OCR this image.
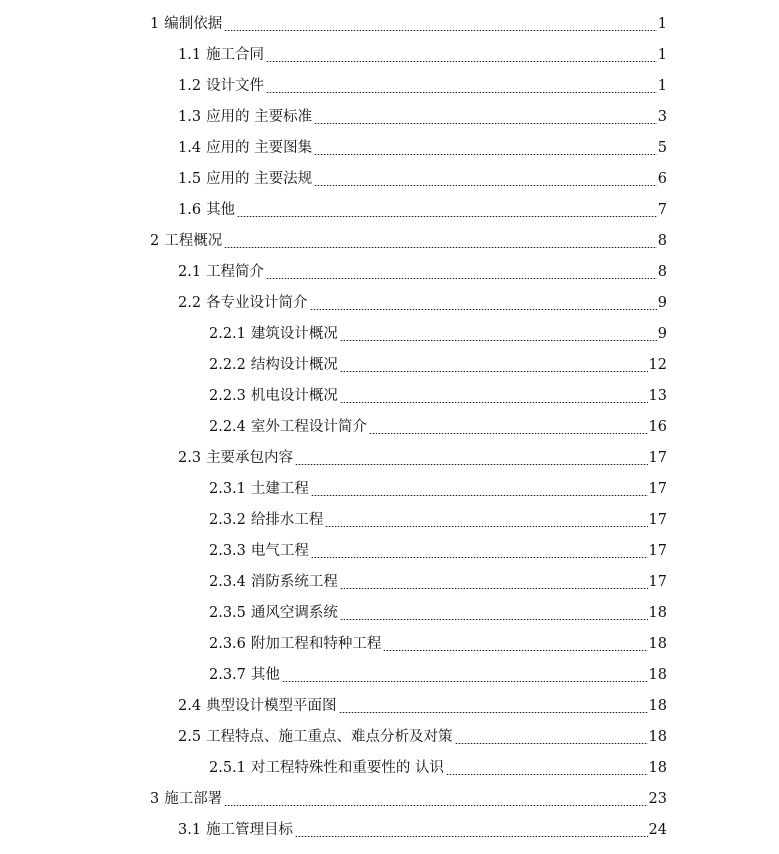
1 编制依据	1
1.1 施工合同	1
1.2 设计文件	1
1.3 应用的 主要标准	3
1.4 应用的 主要图集	5
1.5 应用的 主要法规	6
1.6 其他	7
2 工程概况	8
2.1 工程简介	8
2.2 各专业设计简介	9
2.2.1 建筑设计概况	9
2.2.2 结构设计概况	12
2.2.3 机电设计概况	13
2.2.4 室外工程设计简介	16
2.3 主要承包内容	17
2.3.1 土建工程	17
2.3.2 给排水工程	17
2.3.3 电气工程	17
2.3.4 消防系统工程	17
2.3.5 通风空调系统	18
2.3.6 附加工程和特种工程	18
2.3.7 其他	18
2.4 典型设计模型平面图	18
2.5 工程特点、施工重点、难点分析及对策	18
2.5.1 对工程特殊性和重要性的 认识	18
3 施工部署	23
3.1 施工管理目标	24
